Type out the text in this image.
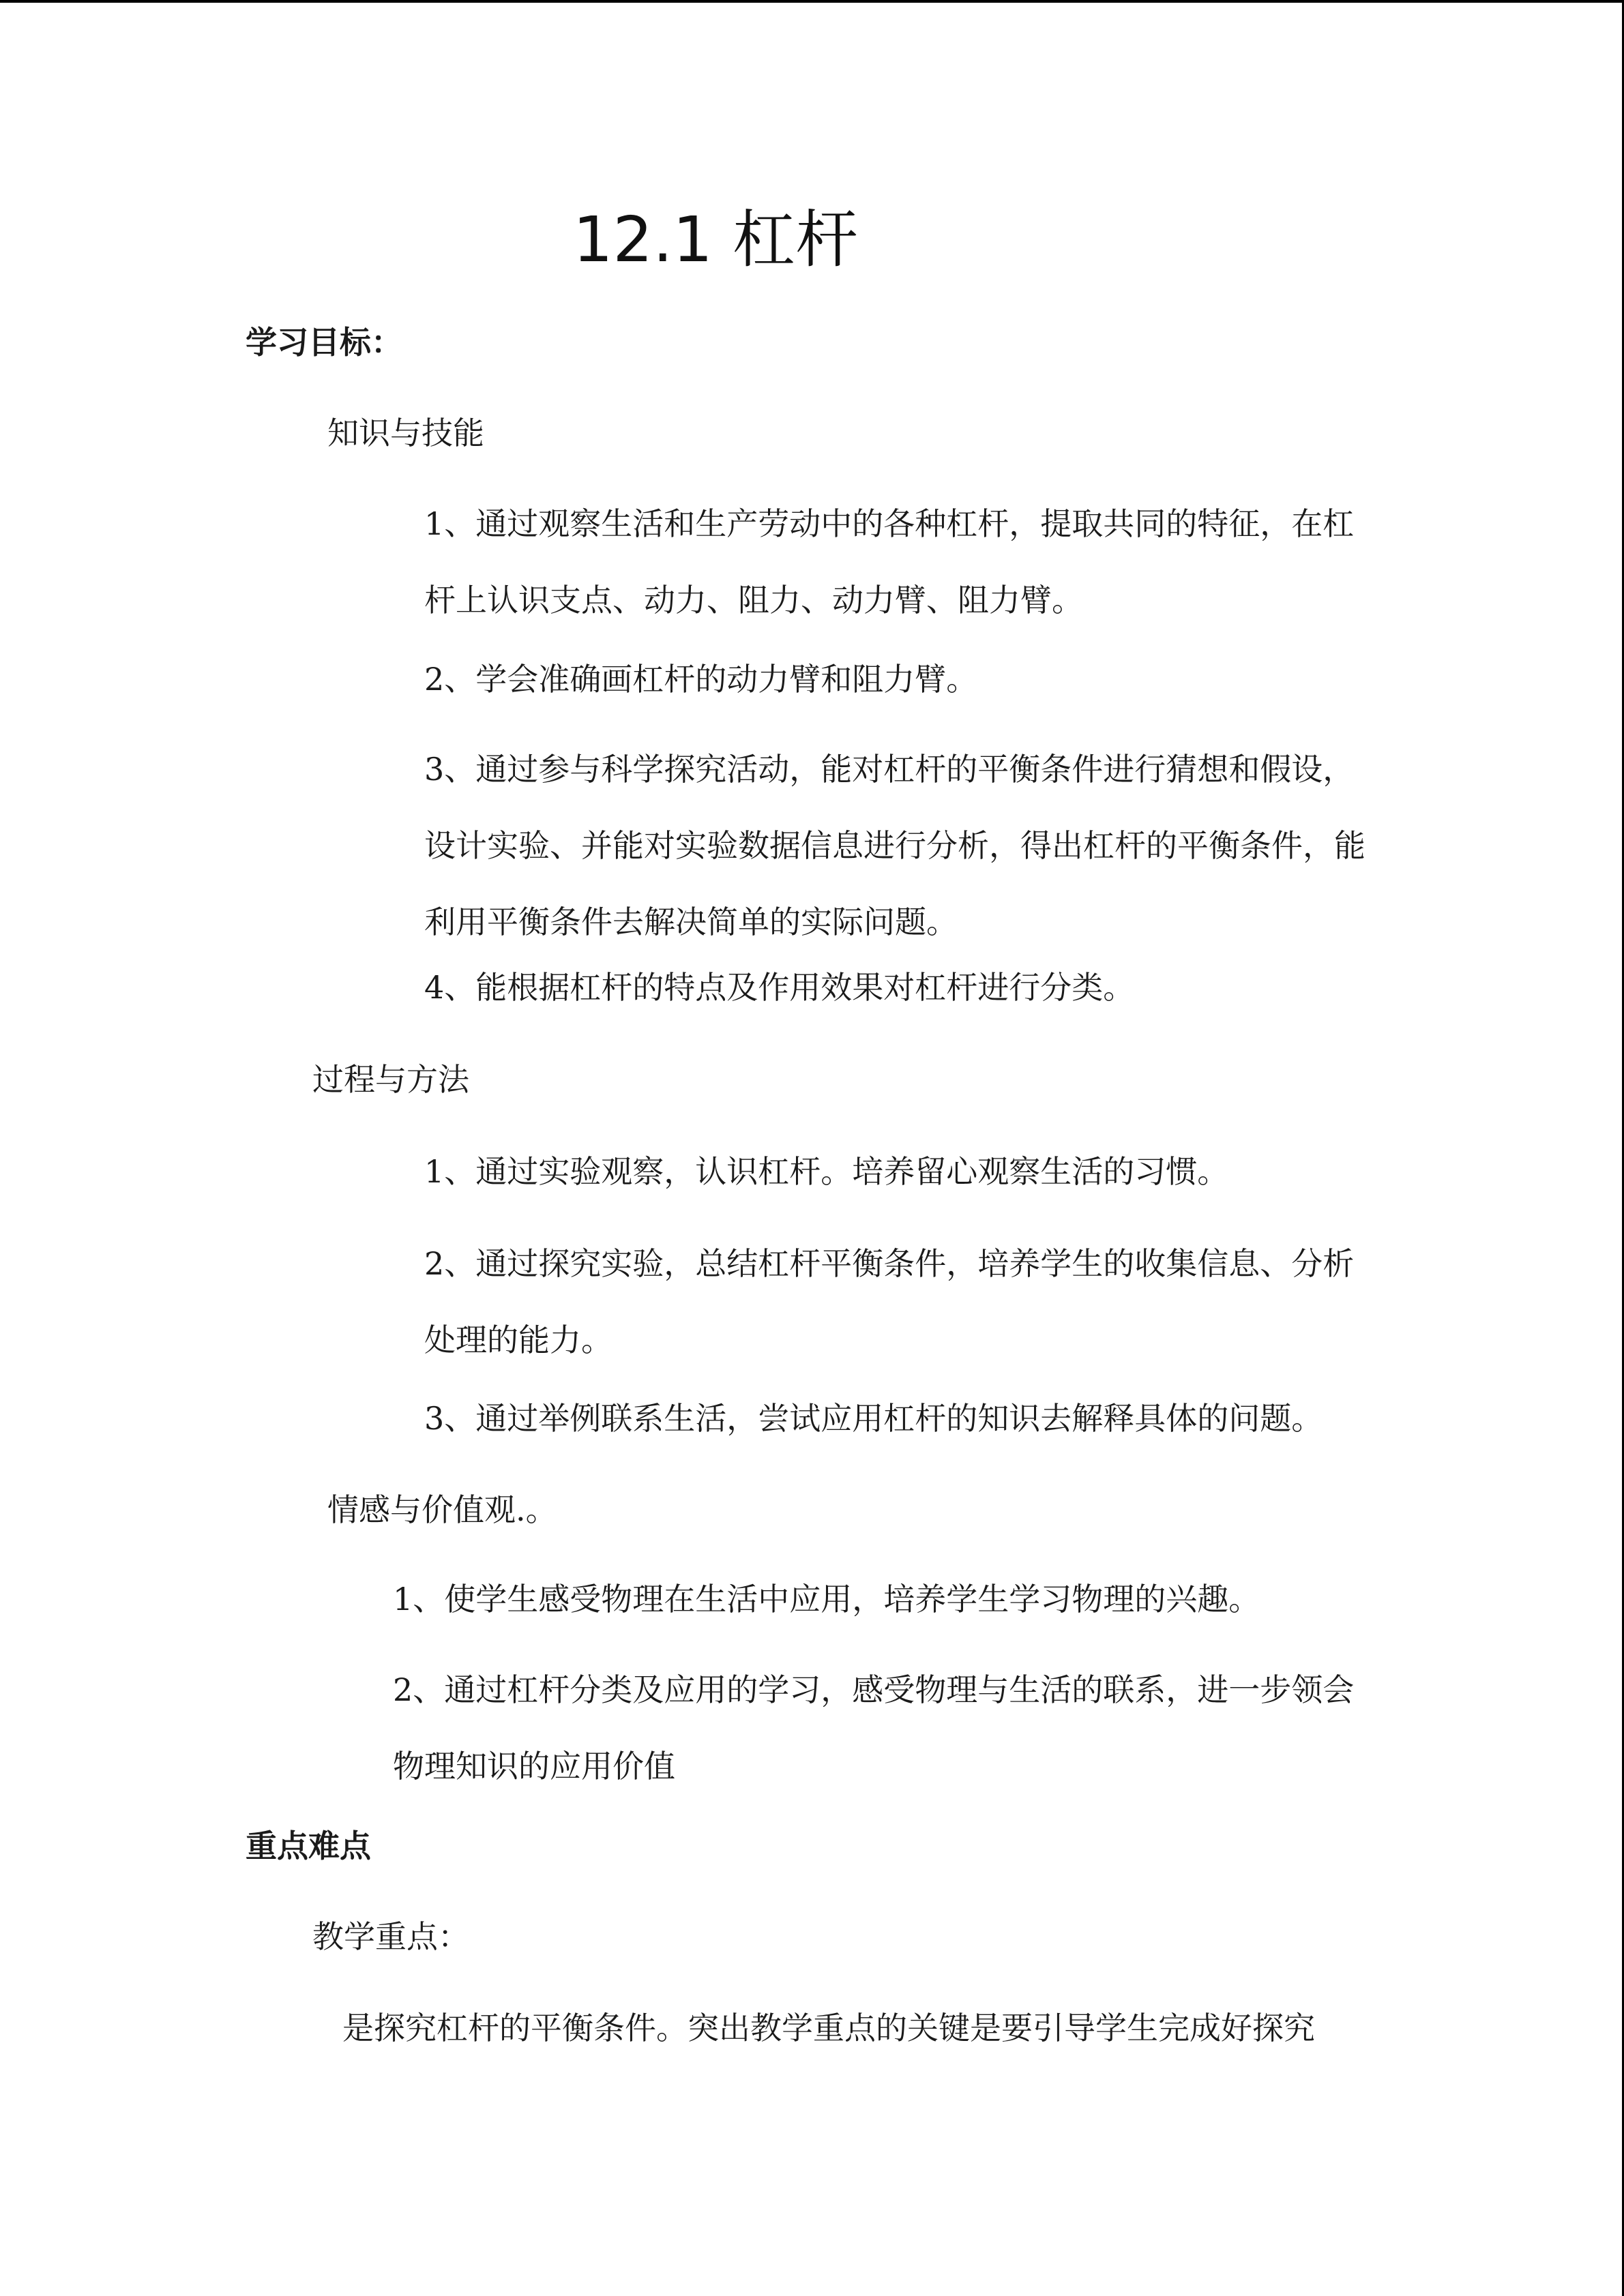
12.1 杠杆
学习目标：
知识与技能
1、通过观察生活和生产劳动中的各种杠杆，提取共同的特征，在杠杆上认识支点、动力、阻力、动力臂、阻力臂。
2、学会准确画杠杆的动力臂和阻力臂。
3、通过参与科学探究活动，能对杠杆的平衡条件进行猜想和假设，设计实验、并能对实验数据信息进行分析，得出杠杆的平衡条件，能利用平衡条件去解决简单的实际问题。
4、能根据杠杆的特点及作用效果对杠杆进行分类。
过程与方法
1、通过实验观察，认识杠杆。培养留心观察生活的习惯。
2、通过探究实验，总结杠杆平衡条件，培养学生的收集信息、分析处理的能力。
3、通过举例联系生活，尝试应用杠杆的知识去解释具体的问题。
情感与价值观.。
1、使学生感受物理在生活中应用，培养学生学习物理的兴趣。
2、通过杠杆分类及应用的学习，感受物理与生活的联系，进一步领会物理知识的应用价值
重点难点
教学重点：
是探究杠杆的平衡条件。突出教学重点的关键是要引导学生完成好探究
